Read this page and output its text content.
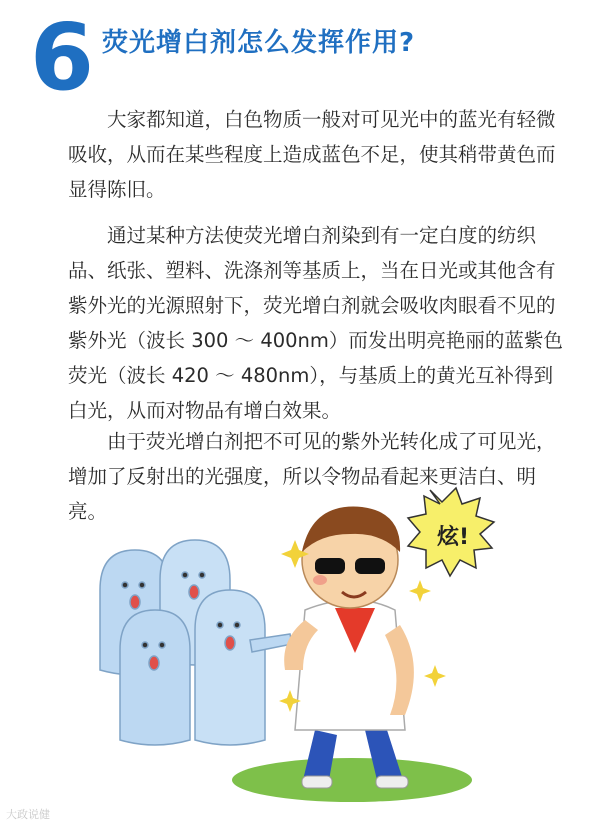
6 荧光增白剂怎么发挥作用?

大家都知道，白色物质一般对可见光中的蓝光有轻微吸收，从而在某些程度上造成蓝色不足，使其稍带黄色而显得陈旧。

通过某种方法使荧光增白剂染到有一定白度的纺织品、纸张、塑料、洗涤剂等基质上，当在日光或其他含有紫外光的光源照射下，荧光增白剂就会吸收肉眼看不见的紫外光（波长 300 ～ 400nm）而发出明亮艳丽的蓝紫色荧光（波长 420 ～ 480nm），与基质上的黄光互补得到白光，从而对物品有增白效果。

由于荧光增白剂把不可见的紫外光转化成了可见光，增加了反射出的光强度，所以令物品看起来更洁白、明亮。

炫!
大政说健
